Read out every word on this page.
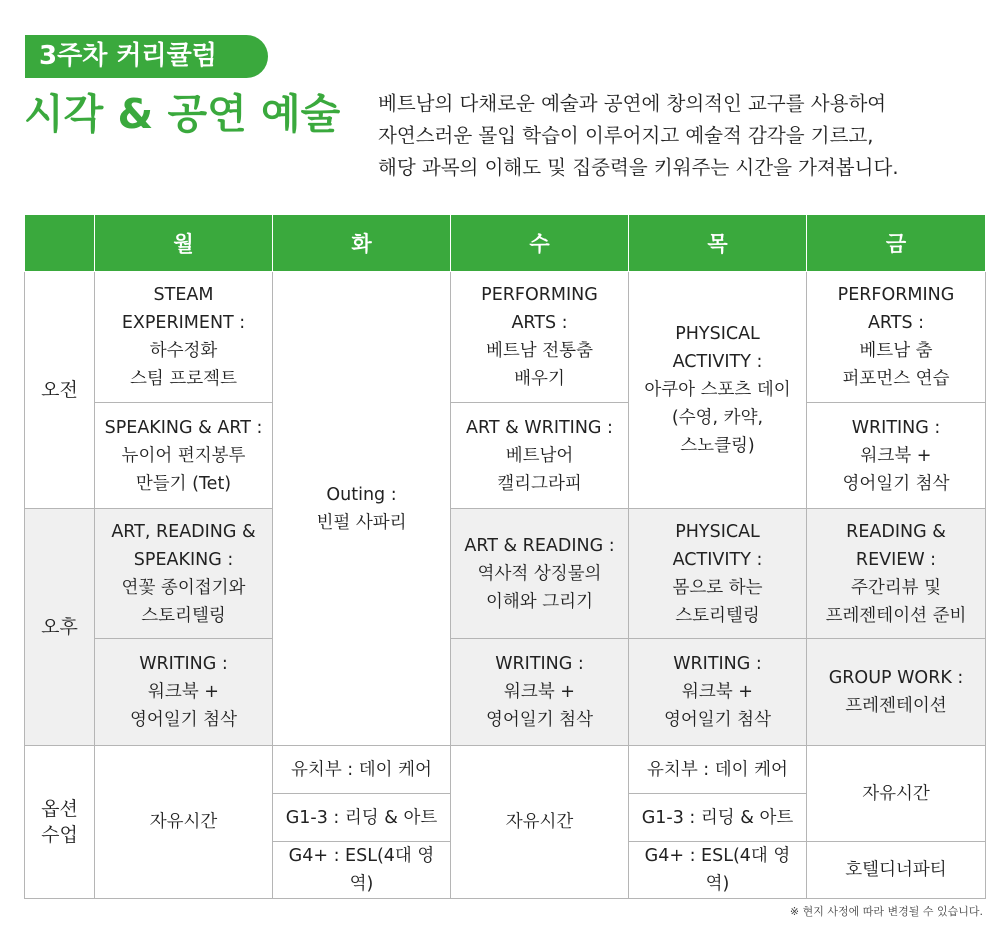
3주차 커리큘럼
시각 & 공연 예술 베트남의 다채로운 예술과 공연에 창의적인 교구를 사용하여
자연스러운 몰입 학습이 이루어지고 예술적 감각을 기르고,
해당 과목의 이해도 및 집중력을 키워주는 시간을 가져봅니다.
	월	화	수	목	금
오전	STEAM
EXPERIMENT :
하수정화
스팀 프로젝트	Outing :
빈펄 사파리	PERFORMING
ARTS :
베트남 전통춤
배우기	PHYSICAL
ACTIVITY :
아쿠아 스포츠 데이
(수영, 카약,
스노클링)	PERFORMING
ARTS :
베트남 춤
퍼포먼스 연습

	SPEAKING & ART :
뉴이어 편지봉투
만들기 (Tet)		ART & WRITING :
베트남어
캘리그라피		WRITING :
워크북 +
영어일기 첨삭

오후	ART, READING &
SPEAKING :
연꽃 종이접기와
스토리텔링		ART & READING :
역사적 상징물의
이해와 그리기	PHYSICAL
ACTIVITY :
몸으로 하는
스토리텔링	READING &
REVIEW :
주간리뷰 및
프레젠테이션 준비

	WRITING :
워크북 +
영어일기 첨삭		WRITING :
워크북 +
영어일기 첨삭	WRITING :
워크북 +
영어일기 첨삭	GROUP WORK :
프레젠테이션

옵션
수업	자유시간	유치부 : 데이 케어	자유시간	유치부 : 데이 케어	자유시간
		G1-3 : 리딩 & 아트		G1-3 : 리딩 & 아트	
		G4+ : ESL(4대 영역)		G4+ : ESL(4대 영역)	호텔디너파티
※ 현지 사정에 따라 변경될 수 있습니다.
